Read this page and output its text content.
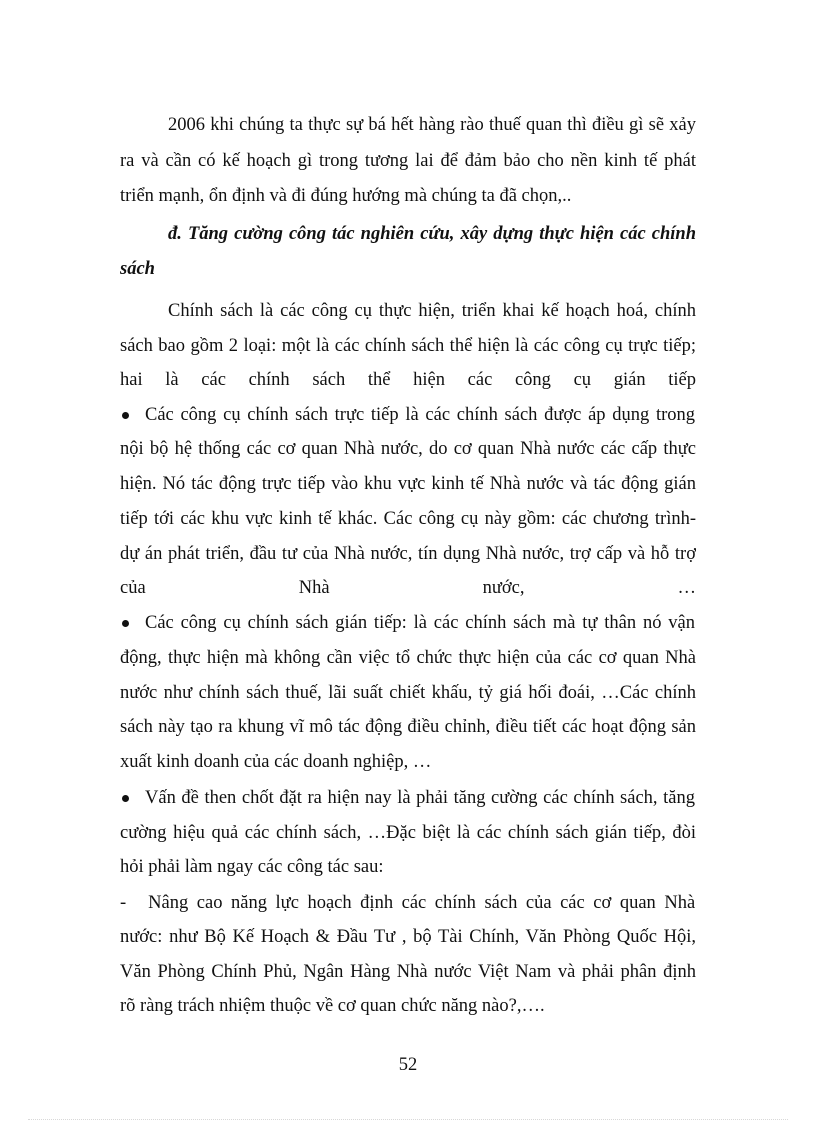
2006 khi chúng ta thực sự bá hết hàng rào thuế quan thì điều gì sẽ xảy
ra và cần có kế hoạch gì trong tương lai để đảm bảo cho nền kinh tế phát
triển mạnh, ổn định và đi đúng hướng mà chúng ta đã chọn,..
đ. Tăng cường công tác nghiên cứu, xây dựng thực hiện các chính
sách
Chính sách là các công cụ thực hiện, triển khai kế hoạch hoá, chính
sách bao gồm 2 loại: một là các chính sách thể hiện là các công cụ trực tiếp;
hai là các chính sách thể hiện các công cụ gián tiếp
Các công cụ chính sách trực tiếp là các chính sách được áp dụng trong
nội bộ hệ thống các cơ quan Nhà nước, do cơ quan Nhà nước các cấp thực
hiện. Nó tác động trực tiếp vào khu vực kinh tế Nhà nước và tác động gián
tiếp tới các khu vực kinh tế khác. Các công cụ này gồm: các chương trình-
dự án phát triển, đầu tư của Nhà nước, tín dụng Nhà nước, trợ cấp và hỗ trợ
của Nhà nước, …
Các công cụ chính sách gián tiếp: là các chính sách mà tự thân nó vận
động, thực hiện mà không cần việc tổ chức thực hiện của các cơ quan Nhà
nước như chính sách thuế, lãi suất chiết khấu, tỷ giá hối đoái, …Các chính
sách này tạo ra khung vĩ mô tác động điều chỉnh, điều tiết các hoạt động sản
xuất kinh doanh của các doanh nghiệp, …
Vấn đề then chốt đặt ra hiện nay là phải tăng cường các chính sách, tăng
cường hiệu quả các chính sách, …Đặc biệt là các chính sách gián tiếp, đòi
hỏi phải làm ngay các công tác sau:
- Nâng cao năng lực hoạch định các chính sách của các cơ quan Nhà
nước: như Bộ Kế Hoạch & Đầu Tư , bộ Tài Chính, Văn Phòng Quốc Hội,
Văn Phòng Chính Phủ, Ngân Hàng Nhà nước Việt Nam và phải phân định
rõ ràng trách nhiệm thuộc về cơ quan chức năng nào?,….
52
